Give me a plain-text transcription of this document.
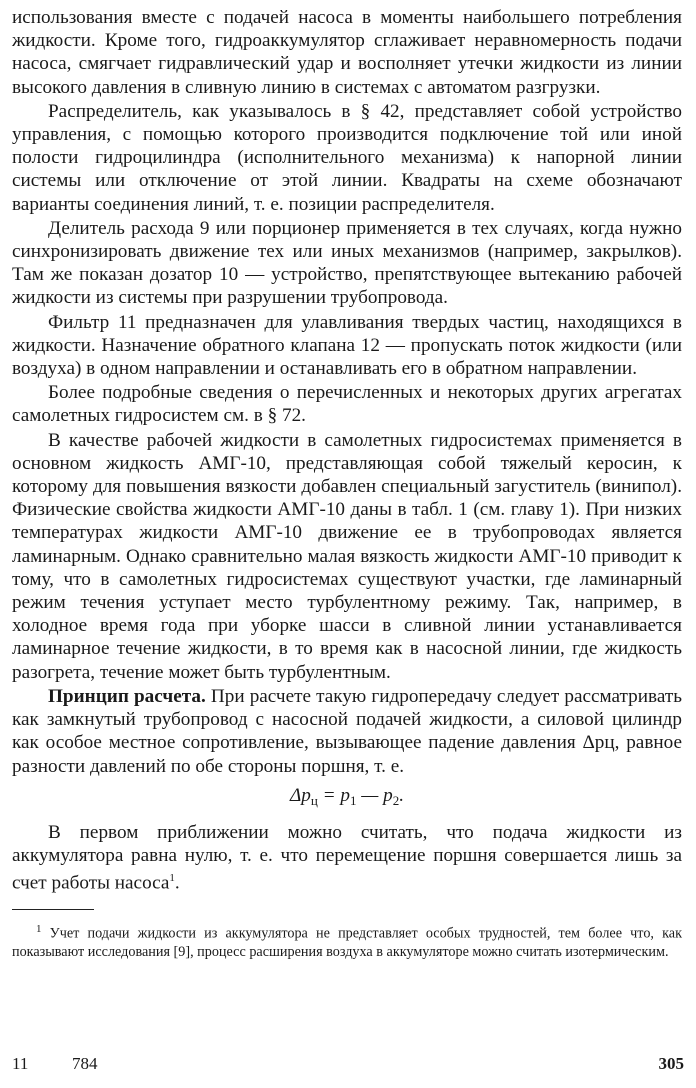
использования вместе с подачей насоса в моменты наибольшего потребления жидкости. Кроме того, гидроаккумулятор сглаживает неравномерность подачи насоса, смягчает гидравлический удар и восполняет утечки жидкости из линии высокого давления в сливную линию в системах с автоматом разгрузки.

Распределитель, как указывалось в § 42, представляет собой устройство управления, с помощью которого производится подключение той или иной полости гидроцилиндра (исполнительного механизма) к напорной линии системы или отключение от этой линии. Квадраты на схеме обозначают варианты соединения линий, т. е. позиции распределителя.

Делитель расхода 9 или порционер применяется в тех случаях, когда нужно синхронизировать движение тех или иных механизмов (например, закрылков). Там же показан дозатор 10 — устройство, препятствующее вытеканию рабочей жидкости из системы при разрушении трубопровода.

Фильтр 11 предназначен для улавливания твердых частиц, находящихся в жидкости. Назначение обратного клапана 12 — пропускать поток жидкости (или воздуха) в одном направлении и останавливать его в обратном направлении.

Более подробные сведения о перечисленных и некоторых других агрегатах самолетных гидросистем см. в § 72.

В качестве рабочей жидкости в самолетных гидросистемах применяется в основном жидкость АМГ-10, представляющая собой тяжелый керосин, к которому для повышения вязкости добавлен специальный загуститель (винипол). Физические свойства жидкости АМГ-10 даны в табл. 1 (см. главу 1). При низких температурах жидкости АМГ-10 движение ее в трубопроводах является ламинарным. Однако сравнительно малая вязкость жидкости АМГ-10 приводит к тому, что в самолетных гидросистемах существуют участки, где ламинарный режим течения уступает место турбулентному режиму. Так, например, в холодное время года при уборке шасси в сливной линии устанавливается ламинарное течение жидкости, в то время как в насосной линии, где жидкость разогрета, течение может быть турбулентным.

Принцип расчета. При расчете такую гидропередачу следует рассматривать как замкнутый трубопровод с насосной подачей жидкости, а силовой цилиндр как особое местное сопротивление, вызывающее падение давления Δpц, равное разности давлений по обе стороны поршня, т. е.

$\Delta p_ц = p_1$ — $p_2$.

В первом приближении можно считать, что подача жидкости из аккумулятора равна нулю, т. е. что перемещение поршня совершается лишь за счет работы насоса$^1$.

$^1$ Учет подачи жидкости из аккумулятора не представляет особых трудностей, тем более что, как показывают исследования [9], процесс расширения воздуха в аккумуляторе можно считать изотермическим.

11	784	305
